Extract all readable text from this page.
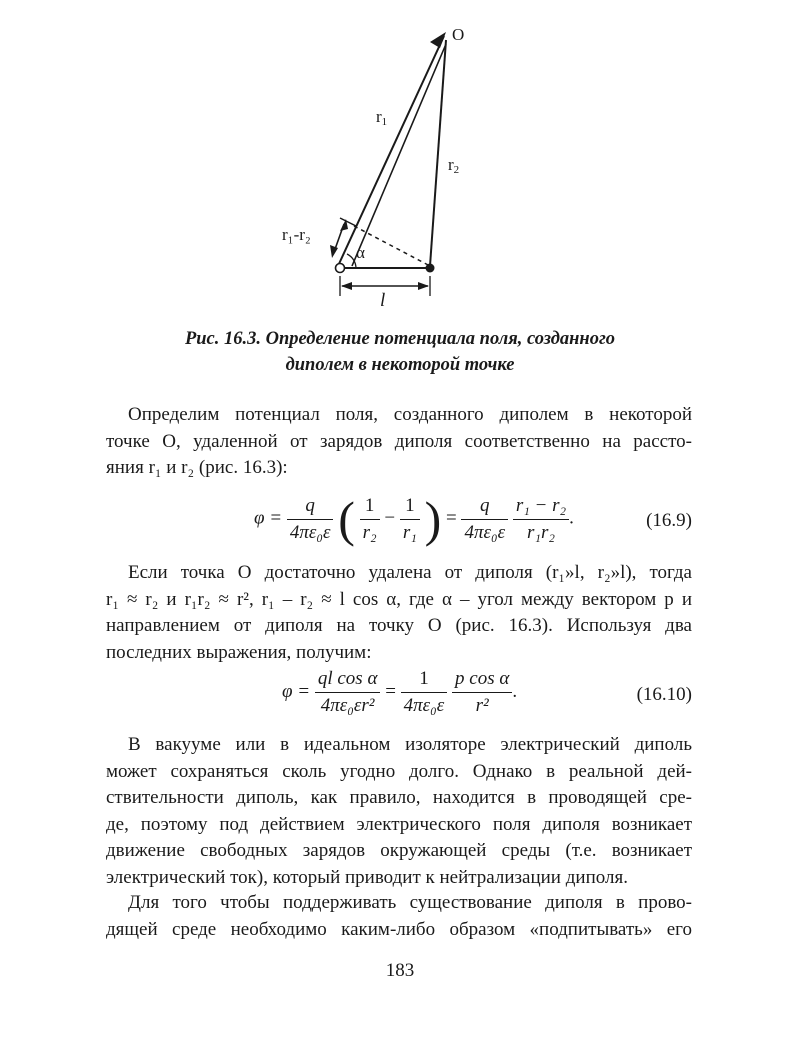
O
r1
r2
r₁-r₂
α
l
Рис. 16.3. Определение потенциала поля, созданного
диполем в некоторой точке
Определим потенциал поля, созданного диполем в некоторой
точке О, удаленной от зарядов диполя соответственно на рассто-
яния r₁ и r₂ (рис. 16.3):
$\varphi = \frac{q}{\text{4πε₀ε}}$ ( $\frac{1}{\text{r₂}} - \frac{1}{\text{r₁}}$ ) = $\frac{q}{\text{4πε₀ε}}$
$\frac{\text{r₁ − r₂}}{\text{r₁r₂}}$ .	(16.9)
Если точка О достаточно удалена от диполя (r₁»l, r₂»l), тогда
r₁ ≈ r₂ и r₁r₂ ≈ r², r₁ – r₂ ≈ l cos α, где α – угол между вектором p и
направлением от диполя на точку О (рис. 16.3). Используя два
последних выражения, получим:
$\varphi = \frac{\text{ql cos α}}{\text{4πε₀εr²}} = \frac{1}{\text{4πε₀ε}}$
$\frac{\text{p cos α}}{\text{r²}}$ .	(16.10)
В вакууме или в идеальном изоляторе электрический диполь
может сохраняться сколь угодно долго. Однако в реальной дей-
ствительности диполь, как правило, находится в проводящей сре-
де, поэтому под действием электрического поля диполя возникает
движение свободных зарядов окружающей среды (т.е. возникает
электрический ток), который приводит к нейтрализации диполя.
Для того чтобы поддерживать существование диполя в прово-
дящей среде необходимо каким-либо образом «подпитывать» его
183
